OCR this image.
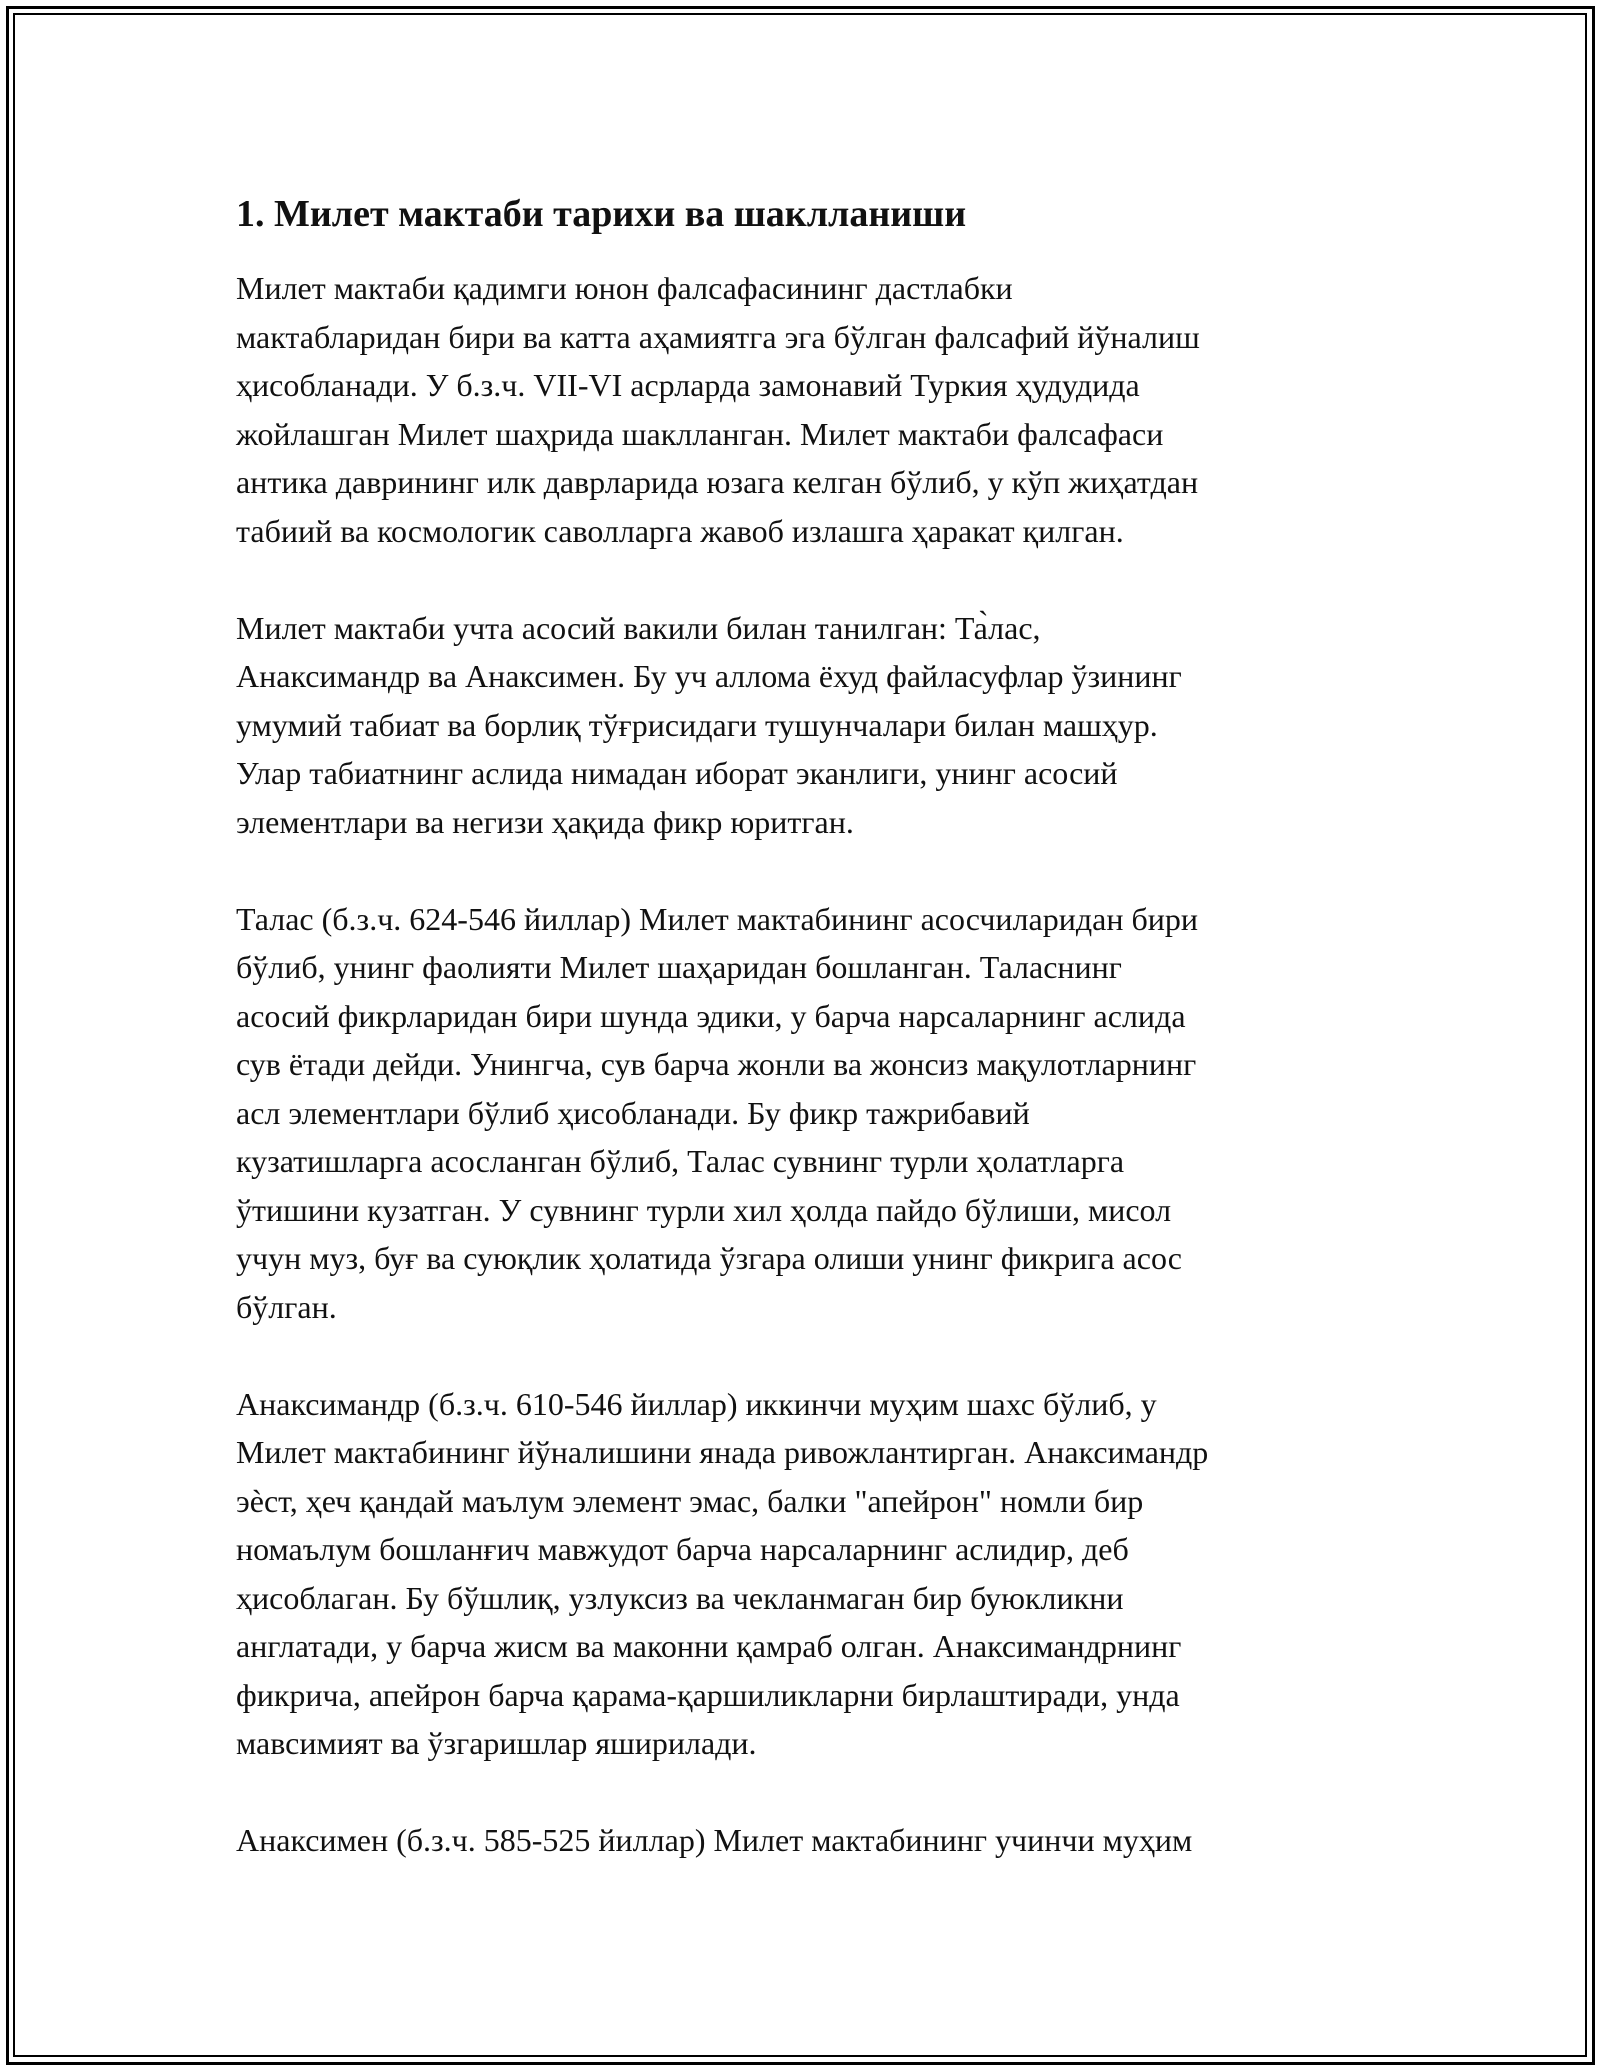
1. Милет мактаби тарихи ва шаклланиши

Милет мактаби қадимги юнон фалсафасининг дастлабки
мактабларидан бири ва катта аҳамиятга эга бўлган фалсафий йўналиш
ҳисобланади. У б.з.ч. VII-VI асрларда замонавий Туркия ҳудудида
жойлашган Милет шаҳрида шаклланган. Милет мактаби фалсафаси
антика даврининг илк даврларида юзага келган бўлиб, у кўп жиҳатдан
табиий ва космологик саволларга жавоб излашга ҳаракат қилган.

Милет мактаби учта асосий вакили билан танилган: Та̀лас,
Анаксимандр ва Анаксимен. Бу уч аллома ёхуд файласуфлар ўзининг
умумий табиат ва борлиқ тўғрисидаги тушунчалари билан машҳур.
Улар табиатнинг аслида нимадан иборат эканлиги, унинг асосий
элементлари ва негизи ҳақида фикр юритган.

Талас (б.з.ч. 624-546 йиллар) Милет мактабининг асосчиларидан бири
бўлиб, унинг фаолияти Милет шаҳаридан бошланган. Таласнинг
асосий фикрларидан бири шунда эдики, у барча нарсаларнинг аслида
сув ётади дейди. Унингча, сув барча жонли ва жонсиз мақулотларнинг
асл элементлари бўлиб ҳисобланади. Бу фикр тажрибавий
кузатишларга асосланган бўлиб, Талас сувнинг турли ҳолатларга
ўтишини кузатган. У сувнинг турли хил ҳолда пайдо бўлиши, мисол
учун муз, буғ ва суюқлик ҳолатида ўзгара олиши унинг фикрига асос
бўлган.

Анаксимандр (б.з.ч. 610-546 йиллар) иккинчи муҳим шахс бўлиб, у
Милет мактабининг йўналишини янада ривожлантирган. Анаксимандр
эѐст, ҳеч қандай маълум элемент эмас, балки "апейрон" номли бир
номаълум бошланғич мавжудот барча нарсаларнинг аслидир, деб
ҳисоблаган. Бу бўшлиқ, узлуксиз ва чекланмаган бир буюкликни
англатади, у барча жисм ва маконни қамраб олган. Анаксимандрнинг
фикрича, апейрон барча қарама-қаршиликларни бирлаштиради, унда
мавсимият ва ўзгаришлар яширилади.

Анаксимен (б.з.ч. 585-525 йиллар) Милет мактабининг учинчи муҳим
